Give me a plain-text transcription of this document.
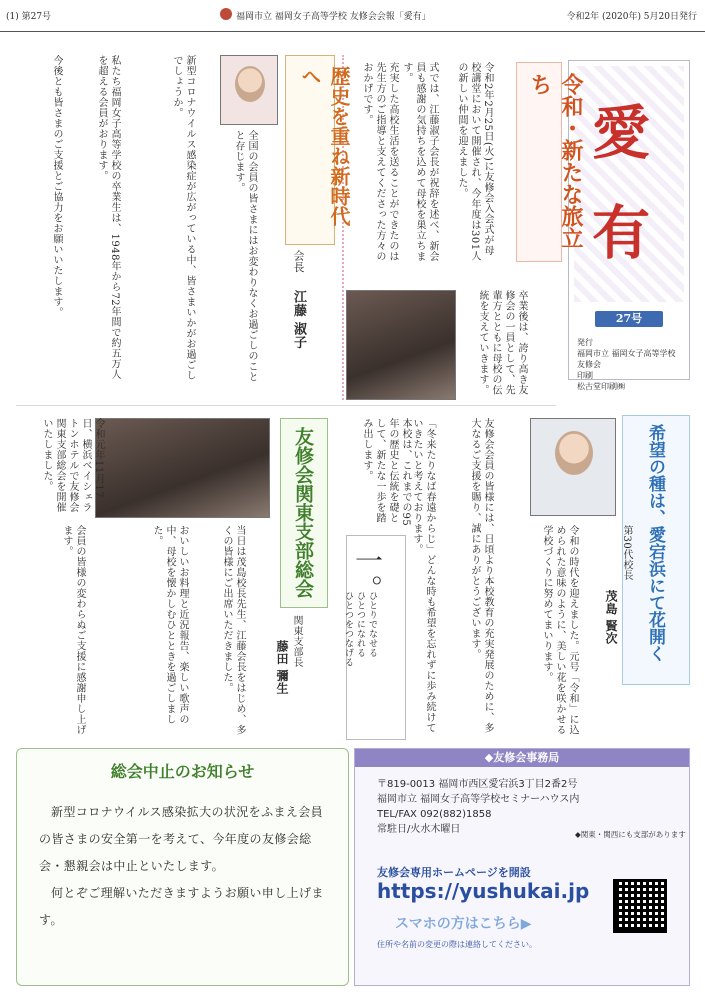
(1) 第27号	福岡市立 福岡女子高等学校 友修会会報「愛有」	令和2年 (2020年) 5月20日発行
愛
有
27号
発行
福岡市立 福岡女子高等学校
友修会
印刷
松古堂印刷㈱
令和・新たな旅立ち
令和2年2月25日(火)に友修会入会式が母校講堂において開催され、今年度は301人の新しい仲間を迎えました。
式では、江藤淑子会長が祝辞を述べ、新会員も感謝の気持ちを込めて母校を巣立ちます。
卒業後は、誇り高き友修会の一員として、先輩方とともに母校の伝統を支えていきます。
充実した高校生活を送ることができたのは先生方のご指導と支えてくださった方々のおかげです。
歴史を重ね新時代へ
会長
江藤 淑子
全国の会員の皆さまにはお変わりなくお過ごしのことと存じます。
新型コロナウイルス感染症が広がっている中、皆さまいかがお過ごしでしょうか。
私たち福岡女子高等学校の卒業生は、1948年から72年間で約五万人を超える会員がおります。
今後とも皆さまのご支援とご協力をお願いいたします。
希望の種は、愛宕浜にて花開く
第30代校長
茂島 賢次
友修会会員の皆様には、日頃より本校教育の充実発展のために、多大なるご支援を賜り、誠にありがとうございます。	令和の時代を迎えました。元号「令和」に込められた意味のように、美しい花を咲かせる学校づくりに努めてまいります。
「冬来たりなば春遠からじ」どんな時も希望を忘れずに歩み続けていきたいと考えております。
本校は、これまでの95年の歴史と伝統を礎として、新たな一歩を踏み出します。
一。
ひとりでなせる
ひとつになれる
ひとつをつなげる
令和元年11月17日、横浜ベイシェラトンホテルで友修会関東支部総会を開催いたしました。	友修会関東支部総会
関東支部長
藤田 彌生
当日は茂島校長先生、江藤会長をはじめ、多くの皆様にご出席いただきました。
おいしいお料理と近況報告、楽しい歌声の中、母校を懐かしむひとときを過ごしました。
会員の皆様の変わらぬご支援に感謝申し上げます。
総会中止のお知らせ

新型コロナウイルス感染拡大の状況をふまえ会員の皆さまの安全第一を考えて、今年度の友修会総会・懇親会は中止といたします。

何とぞご理解いただきますようお願い申し上げます。

◆友修会事務局
〒819-0013 福岡市西区愛宕浜3丁目2番2号
福岡市立 福岡女子高等学校セミナーハウス内
TEL/FAX 092(882)1858
常駐日/火水木曜日	◆関東・関西にも支部があります
友修会専用ホームページを開設
https://yushukai.jp
スマホの方はこちら▶
住所や名前の変更の際は連絡してください。
